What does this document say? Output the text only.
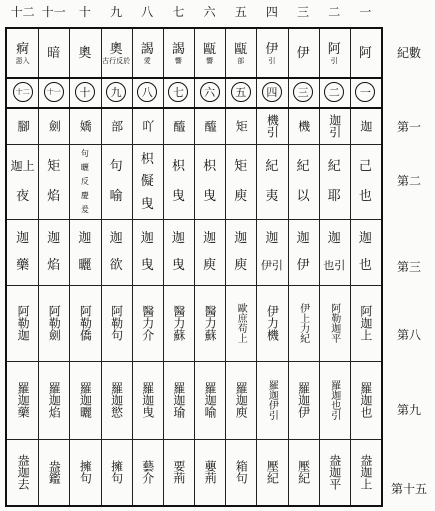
一
二
三
四
五
六
七
八
九
十
十一
十二
阿
一
迦
己
也
迦
也
阿迦上
羅迦也
盎迦上
阿
引
二
迦引
紀
耶
迦
也引
阿勒迦平
羅迦也引
盎迦平
伊
三
機
紀
以
迦
伊
伊上力紀
羅迦伊
壓紀
伊
引
四
機引
紀
夷
迦
伊引
伊力機
羅迦伊引
壓紀
甌
部
五
矩
矩
庾
迦
庾
歐庶苟上
羅迦庾
箱句
甌
響
六
醯
枳
曳
迦
庾
醫力蘇
羅迦喻
蘡荊
謁
響
七
醯
枳
曳
迦
曳
醫力蘇
羅迦瑜
要荊
謁
愛
八
吖
枳
儗
曳
迦
曳
醫力介
羅迦曳
藝介
奧
古行反於
九
部
句
喻
迦
欲
阿勒句
羅迦慾
擁句
奧
十
嬌
句
曬
反
慶
爰
迦
曬
阿勒僑
羅迦曬
擁句
暗
十一
劍
矩
焰
迦
焰
阿勒劍
羅迦焰
盎鑑
痾
惡入
十二
腳
迦上
夜
迦
藥
阿勒迦
羅迦藥
盎迦去
紀數
第一
第二
第三
第八
第九
第十五
